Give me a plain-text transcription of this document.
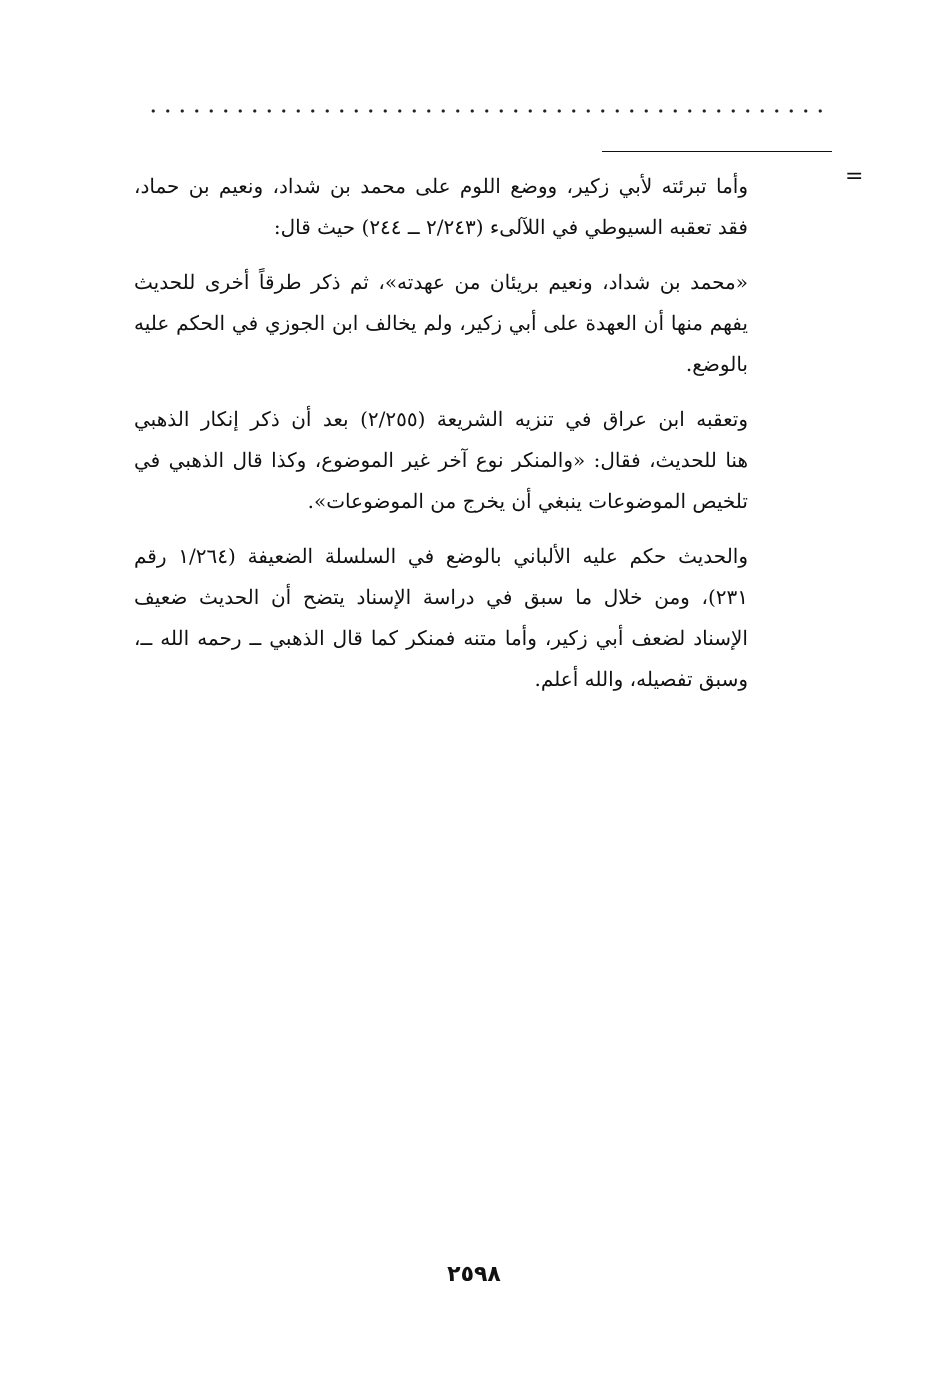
=

وأما تبرئته لأبي زكير، ووضع اللوم على محمد بن شداد، ونعيم بن حماد،
فقد تعقبه السيوطي في اللآلىء (٢/٢٤٣ ــ ٢٤٤) حيث قال:

«محمد بن شداد، ونعيم بريئان من عهدته»، ثم ذكر طرقاً أخرى للحديث
يفهم منها أن العهدة على أبي زكير، ولم يخالف ابن الجوزي في الحكم عليه
بالوضع.

وتعقبه ابن عراق في تنزيه الشريعة (٢/٢٥٥) بعد أن ذكر إنكار الذهبي
هنا للحديث، فقال: «والمنكر نوع آخر غير الموضوع، وكذا قال الذهبي في
تلخيص الموضوعات ينبغي أن يخرج من الموضوعات».

والحديث حكم عليه الألباني بالوضع في السلسلة الضعيفة (١/٢٦٤ رقم
٢٣١)، ومن خلال ما سبق في دراسة الإسناد يتضح أن الحديث ضعيف
الإسناد لضعف أبي زكير، وأما متنه فمنكر كما قال الذهبي ــ رحمه الله ــ،
وسبق تفصيله، والله أعلم.

٢٥٩٨
